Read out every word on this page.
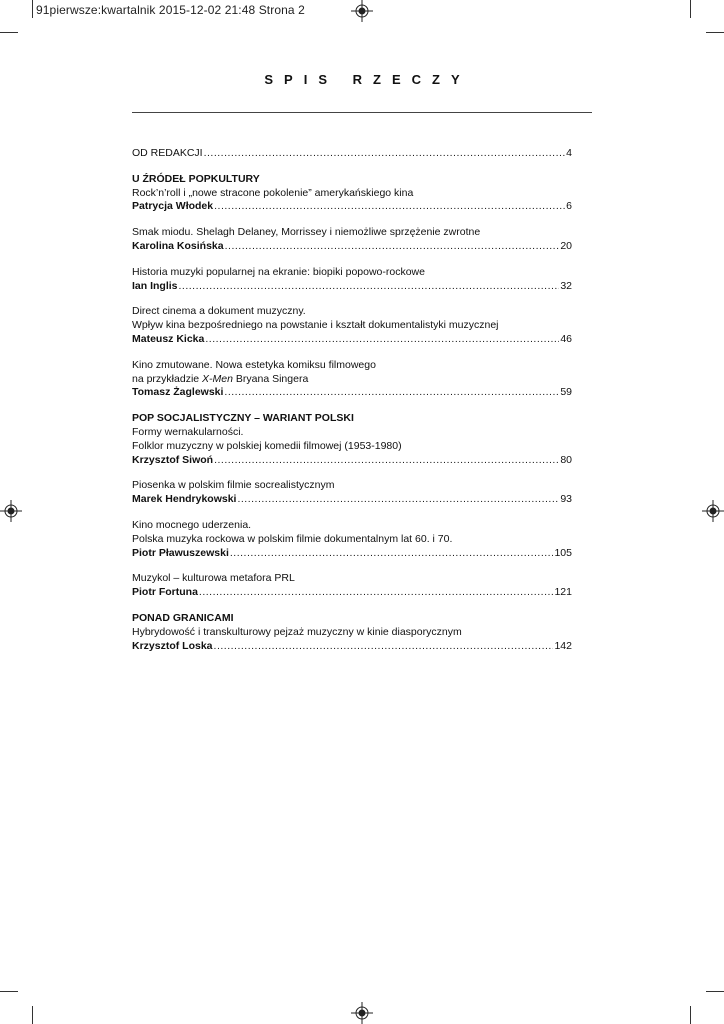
91pierwsze:kwartalnik 2015-12-02 21:48 Strona 2
SPIS RZECZY
OD REDAKCJI .....	4
U ŹRÓDEŁ POPKULTURY
Rock’n’roll i „nowe stracone pokolenie” amerykańskiego kina
Patrycja Włodek .....	6
Smak miodu. Shelagh Delaney, Morrissey i niemożliwe sprzężenie zwrotne
Karolina Kosińska .....	20
Historia muzyki popularnej na ekranie: biopiki popowo-rockowe
Ian Inglis .....	32
Direct cinema a dokument muzyczny.
Wpływ kina bezpośredniego na powstanie i kształt dokumentalistyki muzycznej
Mateusz Kicka .....	46
Kino zmutowane. Nowa estetyka komiksu filmowego
na przykładzie X-Men Bryana Singera
Tomasz Żaglewski .....	59
POP SOCJALISTYCZNY – WARIANT POLSKI
Formy wernakularności.
Folklor muzyczny w polskiej komedii filmowej (1953-1980)
Krzysztof Siwoń .....	80
Piosenka w polskim filmie socrealistycznym
Marek Hendrykowski .....	93
Kino mocnego uderzenia.
Polska muzyka rockowa w polskim filmie dokumentalnym lat 60. i 70.
Piotr Pławuszewski .....	105
Muzykol – kulturowa metafora PRL
Piotr Fortuna .....	121
PONAD GRANICAMI
Hybrydowość i transkulturowy pejzaż muzyczny w kinie diasporycznym
Krzysztof Loska .....	142
